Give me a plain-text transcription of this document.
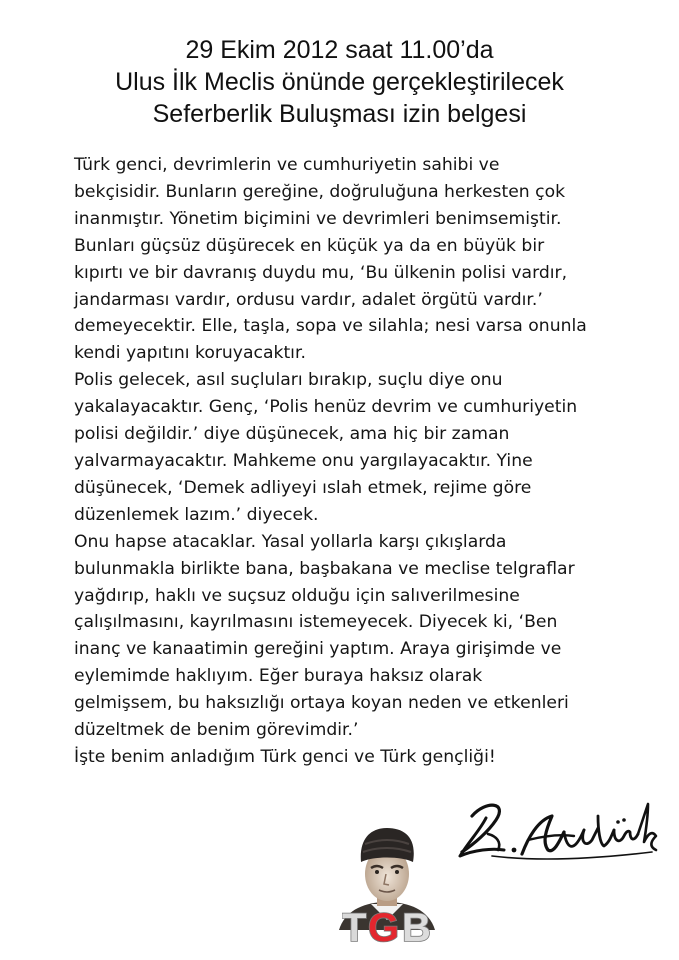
29 Ekim 2012 saat 11.00’da
Ulus İlk Meclis önünde gerçekleştirilecek
Seferberlik Buluşması izin belgesi
Türk genci, devrimlerin ve cumhuriyetin sahibi ve
bekçisidir. Bunların gereğine, doğruluğuna herkesten çok
inanmıştır. Yönetim biçimini ve devrimleri benimsemiştir.
Bunları güçsüz düşürecek en küçük ya da en büyük bir
kıpırtı ve bir davranış duydu mu, ‘Bu ülkenin polisi vardır,
jandarması vardır, ordusu vardır, adalet örgütü vardır.’
demeyecektir. Elle, taşla, sopa ve silahla; nesi varsa onunla
kendi yapıtını koruyacaktır.
Polis gelecek, asıl suçluları bırakıp, suçlu diye onu
yakalayacaktır. Genç, ‘Polis henüz devrim ve cumhuriyetin
polisi değildir.’ diye düşünecek, ama hiç bir zaman
yalvarmayacaktır. Mahkeme onu yargılayacaktır. Yine
düşünecek, ‘Demek adliyeyi ıslah etmek, rejime göre
düzenlemek lazım.’ diyecek.
Onu hapse atacaklar. Yasal yollarla karşı çıkışlarda
bulunmakla birlikte bana, başbakana ve meclise telgraflar
yağdırıp, haklı ve suçsuz olduğu için salıverilmesine
çalışılmasını, kayrılmasını istemeyecek. Diyecek ki, ‘Ben
inanç ve kanaatimin gereğini yaptım. Araya girişimde ve
eylemimde haklıyım. Eğer buraya haksız olarak
gelmişsem, bu haksızlığı ortaya koyan neden ve etkenleri
düzeltmek de benim görevimdir.’
İşte benim anladığım Türk genci ve Türk gençliği!
T G B
